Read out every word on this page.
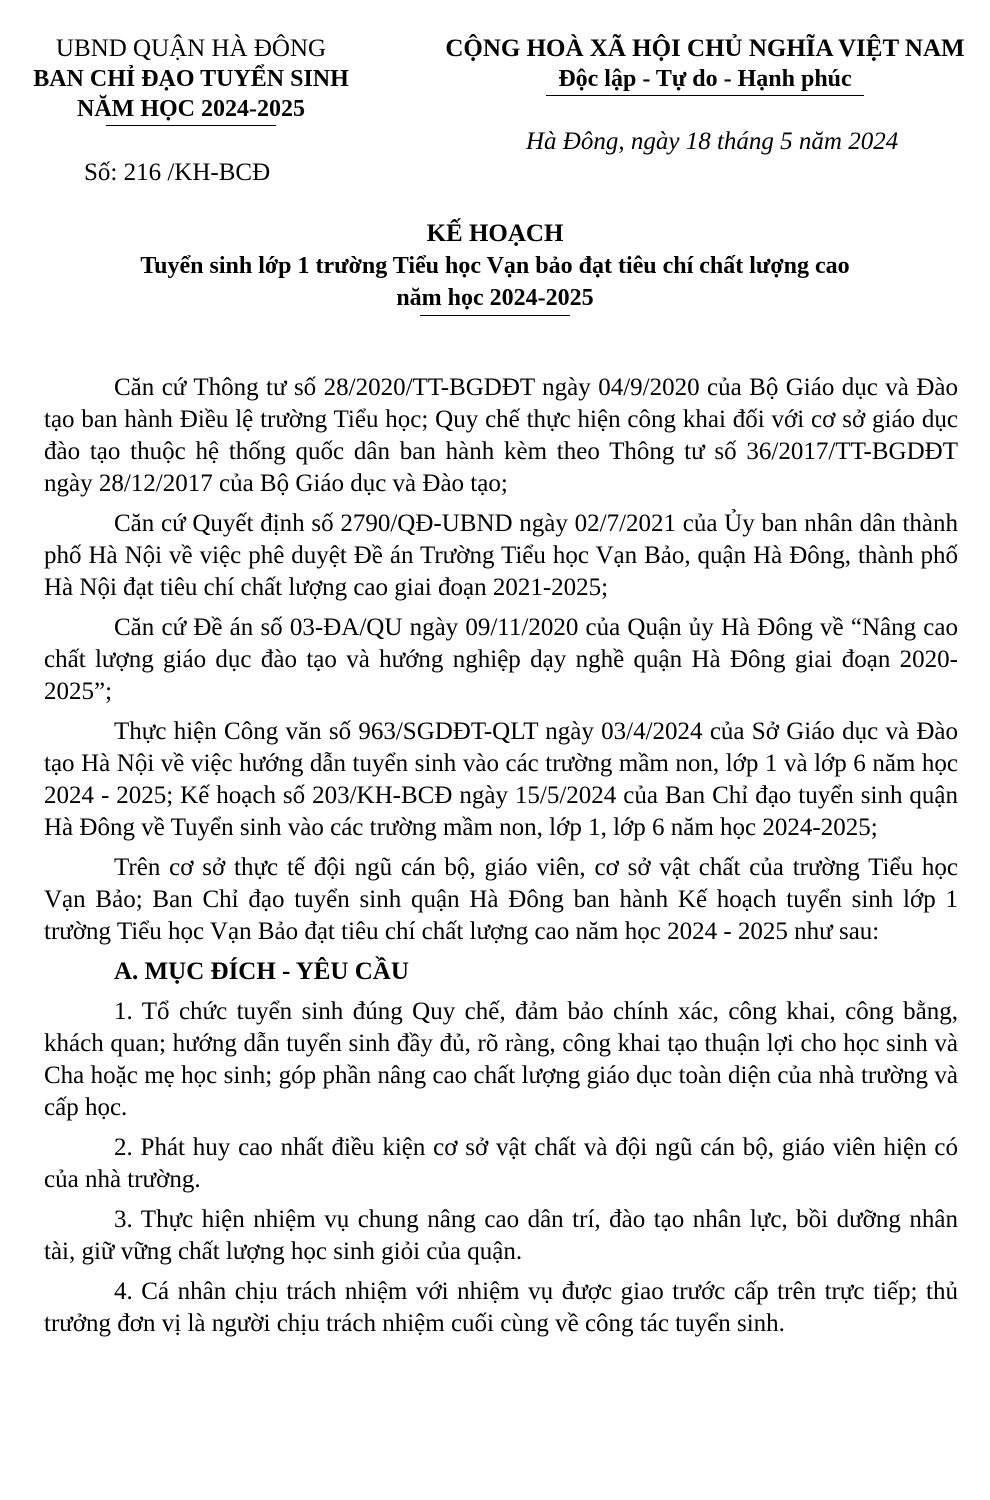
UBND QUẬN HÀ ĐÔNG
BAN CHỈ ĐẠO TUYỂN SINH
NĂM HỌC 2024-2025
CỘNG HOÀ XÃ HỘI CHỦ NGHĨA VIỆT NAM
Độc lập - Tự do - Hạnh phúc
Hà Đông, ngày 18 tháng 5 năm 2024
Số: 216 /KH-BCĐ
KẾ HOẠCH
Tuyển sinh lớp 1 trường Tiểu học Vạn bảo đạt tiêu chí chất lượng cao
năm học 2024-2025

Căn cứ Thông tư số 28/2020/TT-BGDĐT ngày 04/9/2020 của Bộ Giáo dục và Đào tạo ban hành Điều lệ trường Tiểu học; Quy chế thực hiện công khai đối với cơ sở giáo dục đào tạo thuộc hệ thống quốc dân ban hành kèm theo Thông tư số 36/2017/TT-BGDĐT ngày 28/12/2017 của Bộ Giáo dục và Đào tạo;

Căn cứ Quyết định số 2790/QĐ-UBND ngày 02/7/2021 của Ủy ban nhân dân thành phố Hà Nội về việc phê duyệt Đề án Trường Tiểu học Vạn Bảo, quận Hà Đông, thành phố Hà Nội đạt tiêu chí chất lượng cao giai đoạn 2021-2025;

Căn cứ Đề án số 03-ĐA/QU ngày 09/11/2020 của Quận ủy Hà Đông về “Nâng cao chất lượng giáo dục đào tạo và hướng nghiệp dạy nghề quận Hà Đông giai đoạn 2020-2025”;

Thực hiện Công văn số 963/SGDĐT-QLT ngày 03/4/2024 của Sở Giáo dục và Đào tạo Hà Nội về việc hướng dẫn tuyển sinh vào các trường mầm non, lớp 1 và lớp 6 năm học 2024 - 2025; Kế hoạch số 203/KH-BCĐ ngày 15/5/2024 của Ban Chỉ đạo tuyển sinh quận Hà Đông về Tuyển sinh vào các trường mầm non, lớp 1, lớp 6 năm học 2024-2025;

Trên cơ sở thực tế đội ngũ cán bộ, giáo viên, cơ sở vật chất của trường Tiểu học Vạn Bảo; Ban Chỉ đạo tuyển sinh quận Hà Đông ban hành Kế hoạch tuyển sinh lớp 1 trường Tiểu học Vạn Bảo đạt tiêu chí chất lượng cao năm học 2024 - 2025 như sau:

A. MỤC ĐÍCH - YÊU CẦU

1. Tổ chức tuyển sinh đúng Quy chế, đảm bảo chính xác, công khai, công bằng, khách quan; hướng dẫn tuyển sinh đầy đủ, rõ ràng, công khai tạo thuận lợi cho học sinh và Cha hoặc mẹ học sinh; góp phần nâng cao chất lượng giáo dục toàn diện của nhà trường và cấp học.

2. Phát huy cao nhất điều kiện cơ sở vật chất và đội ngũ cán bộ, giáo viên hiện có của nhà trường.

3. Thực hiện nhiệm vụ chung nâng cao dân trí, đào tạo nhân lực, bồi dưỡng nhân tài, giữ vững chất lượng học sinh giỏi của quận.

4. Cá nhân chịu trách nhiệm với nhiệm vụ được giao trước cấp trên trực tiếp; thủ trưởng đơn vị là người chịu trách nhiệm cuối cùng về công tác tuyển sinh.
